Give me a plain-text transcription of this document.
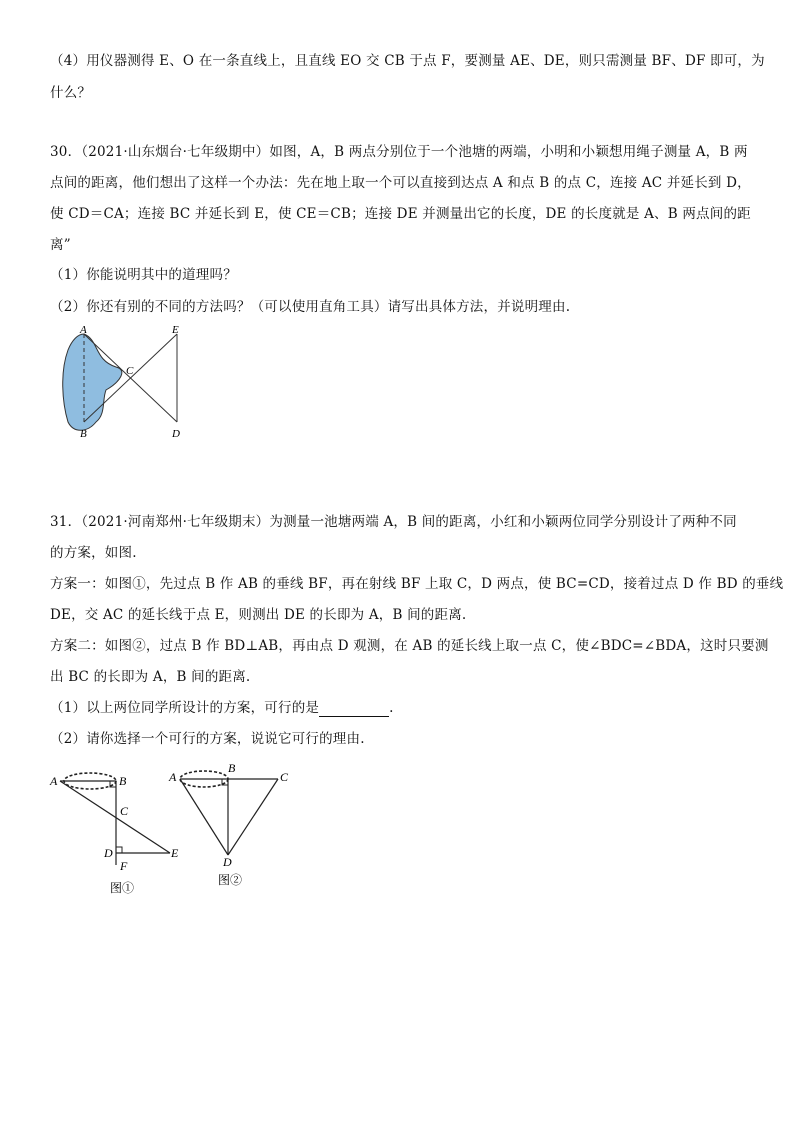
（4）用仪器测得 E、O 在一条直线上，且直线 EO 交 CB 于点 F，要测量 AE、DE，则只需测量 BF、DF 即可，为
什么？
30．（2021·山东烟台·七年级期中）如图，A，B 两点分别位于一个池塘的两端，小明和小颖想用绳子测量 A，B 两
点间的距离，他们想出了这样一个办法：先在地上取一个可以直接到达点 A 和点 B 的点 C，连接 AC 并延长到 D，
使 CD＝CA；连接 BC 并延长到 E，使 CE＝CB；连接 DE 并测量出它的长度，DE 的长度就是 A、B 两点间的距
离”
（1）你能说明其中的道理吗？
（2）你还有别的不同的方法吗？（可以使用直角工具）请写出具体方法，并说明理由.
A
B
C
E
D
31．（2021·河南郑州·七年级期末）为测量一池塘两端 A，B 间的距离，小红和小颖两位同学分别设计了两种不同
的方案，如图.
方案一：如图①，先过点 B 作 AB 的垂线 BF，再在射线 BF 上取 C，D 两点，使 BC=CD，接着过点 D 作 BD 的垂线
DE，交 AC 的延长线于点 E，则测出 DE 的长即为 A，B 间的距离.
方案二：如图②，过点 B 作 BD⊥AB，再由点 D 观测，在 AB 的延长线上取一点 C，使∠BDC=∠BDA，这时只要测
出 BC 的长即为 A，B 间的距离.
（1）以上两位同学所设计的方案，可行的是	.
（2）请你选择一个可行的方案，说说它可行的理由.
A	B
C
D	E
F
图①
A
B
C
D
图②
